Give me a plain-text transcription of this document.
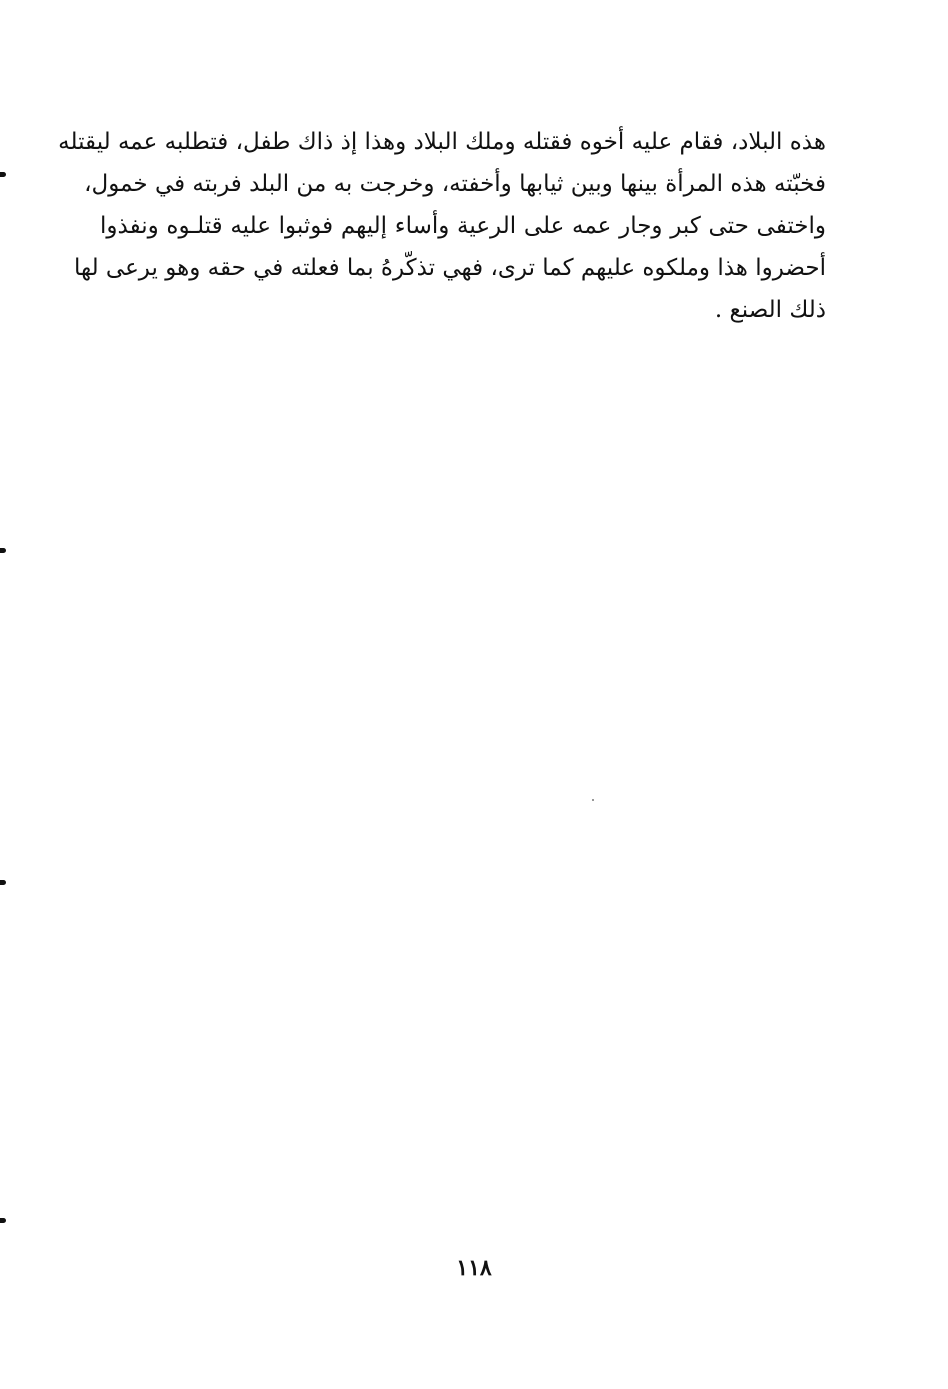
هذه البلاد، فقام عليه أخوه فقتله وملك البلاد وهذا إذ ذاك طفل، فتطلبه عمه ليقتله
فخبّته هذه المرأة بينها وبين ثيابها وأخفته، وخرجت به من البلد فربته في خمول،
واختفى حتى كبر وجار عمه على الرعية وأساء إليهم فوثبوا عليه قتلـوه ونفذوا
أحضروا هذا وملكوه عليهم كما ترى، فهي تذكّرهُ بما فعلته في حقه وهو يرعى لها
ذلك الصنع .
١١٨
